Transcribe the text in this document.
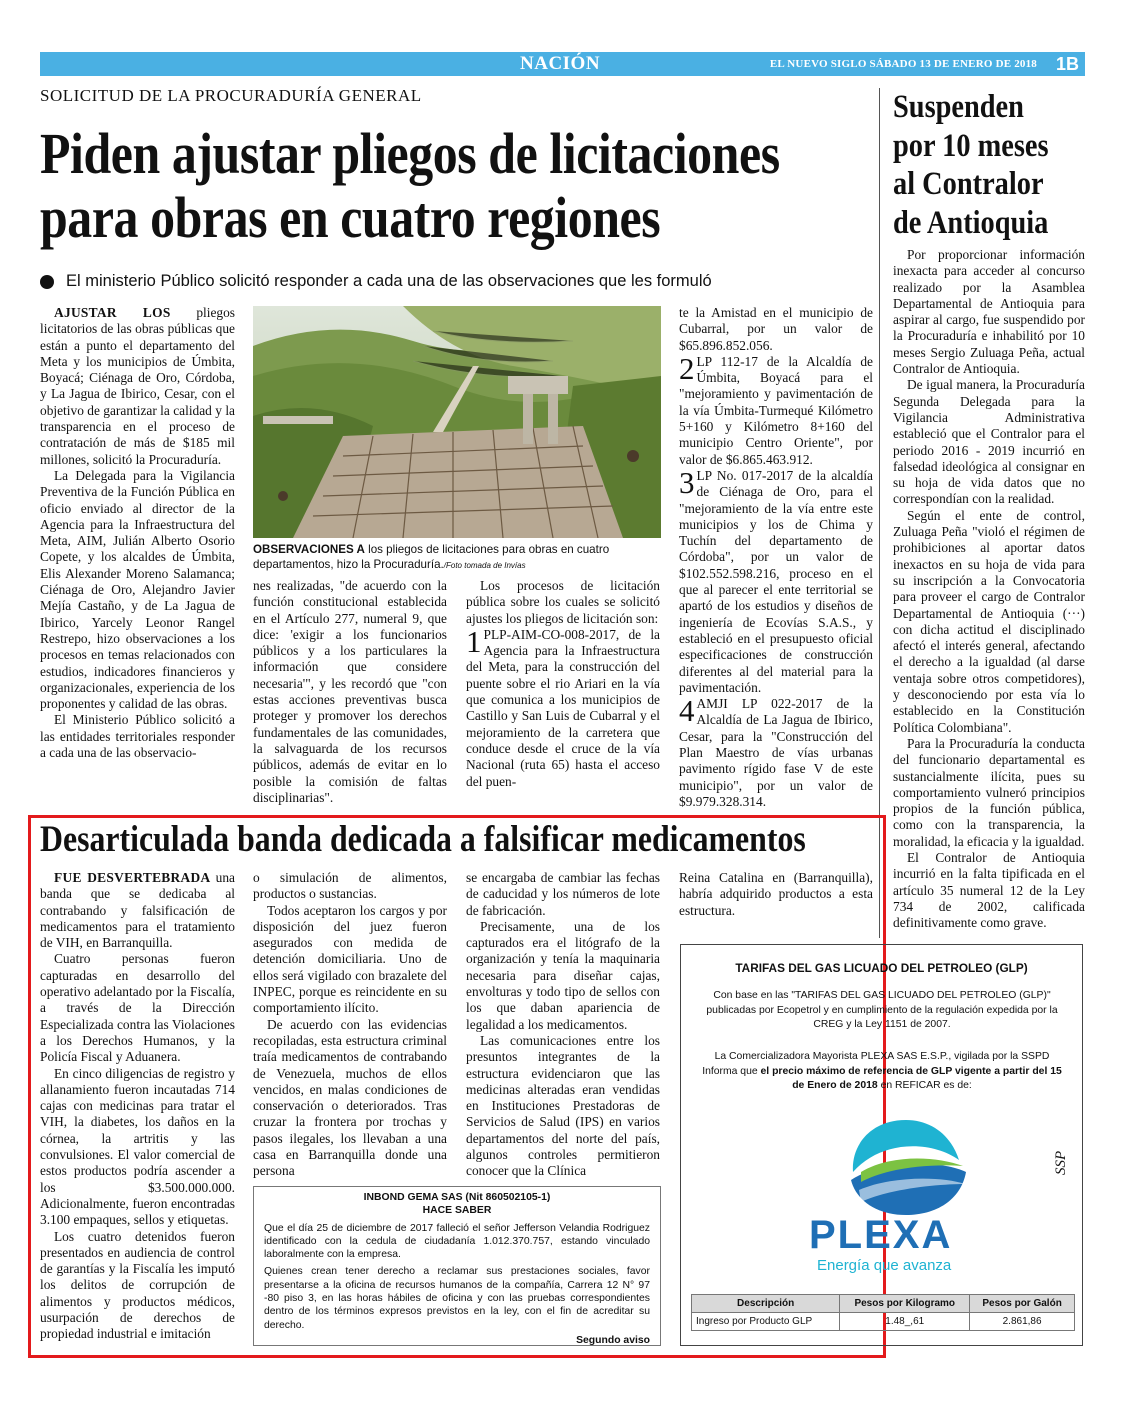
NACIÓN	EL NUEVO SIGLO SÁBADO 13 DE ENERO DE 2018 1B
SOLICITUD DE LA PROCURADURÍA GENERAL
Piden ajustar pliegos de licitaciones
para obras en cuatro regiones
El ministerio Público solicitó responder a cada una de las observaciones que les formuló

AJUSTAR LOS pliegos licitatorios de las obras públicas que están a punto el departamento del Meta y los municipios de Úmbita, Boyacá; Ciénaga de Oro, Córdoba, y La Jagua de Ibirico, Cesar, con el objetivo de garantizar la calidad y la transparencia en el proceso de contratación de más de $185 mil millones, solicitó la Procuraduría.

La Delegada para la Vigilancia Preventiva de la Función Pública en oficio enviado al director de la Agencia para la Infraestructura del Meta, AIM, Julián Alberto Osorio Copete, y los alcaldes de Úmbita, Elis Alexander Moreno Salamanca; Ciénaga de Oro, Alejandro Javier Mejía Castaño, y de La Jagua de Ibirico, Yarcely Leonor Rangel Restrepo, hizo observaciones a los procesos en temas relacionados con estudios, indicadores financieros y organizacionales, experiencia de los proponentes y calidad de las obras.

El Ministerio Público solicitó a las entidades territoriales responder a cada una de las observacio-

OBSERVACIONES A los pliegos de licitaciones para obras en cuatro departamentos, hizo la Procuraduría./Foto tomada de Invías

nes realizadas, "de acuerdo con la función constitucional establecida en el Artículo 277, numeral 9, que dice: 'exigir a los funcionarios públicos y a los particulares la información que considere necesaria'", y les recordó que "con estas acciones preventivas busca proteger y promover los derechos fundamentales de las comunidades, la salvaguarda de los recursos públicos, además de evitar en lo posible la comisión de faltas disciplinarias".

Los procesos de licitación pública sobre los cuales se solicitó ajustes los pliegos de licitación son:

1 PLP-AIM-CO-008-2017, de la Agencia para la Infraestructura del Meta, para la construcción del puente sobre el rio Ariari en la vía que comunica a los municipios de Castillo y San Luis de Cubarral y el mejoramiento de la carretera que conduce desde el cruce de la vía Nacional (ruta 65) hasta el acceso del puen-

te la Amistad en el municipio de Cubarral, por un valor de $65.896.852.056.

2 LP 112-17 de la Alcaldía de Úmbita, Boyacá para el "mejoramiento y pavimentación de la vía Úmbita-Turmequé Kilómetro 5+160 y Kilómetro 8+160 del municipio Centro Oriente", por valor de $6.865.463.912.

3 LP No. 017-2017 de la alcaldía de Ciénaga de Oro, para el "mejoramiento de la vía entre este municipios y los de Chima y Tuchín del departamento de Córdoba", por un valor de $102.552.598.216, proceso en el que al parecer el ente territorial se apartó de los estudios y diseños de ingeniería de Ecovías S.A.S., y estableció en el presupuesto oficial especificaciones de construcción diferentes al del material para la pavimentación.

4 AMJI LP 022-2017 de la Alcaldía de La Jagua de Ibirico, Cesar, para la "Construcción del Plan Maestro de vías urbanas pavimento rígido fase V de este municipio", por un valor de $9.979.328.314.

Suspenden
por 10 meses
al Contralor
de Antioquia

Por proporcionar información inexacta para acceder al concurso realizado por la Asamblea Departamental de Antioquia para aspirar al cargo, fue suspendido por la Procuraduría e inhabilitó por 10 meses Sergio Zuluaga Peña, actual Contralor de Antioquia.

De igual manera, la Procuraduría Segunda Delegada para la Vigilancia Administrativa estableció que el Contralor para el periodo 2016 - 2019 incurrió en falsedad ideológica al consignar en su hoja de vida datos que no correspondían con la realidad.

Según el ente de control, Zuluaga Peña "violó el régimen de prohibiciones al aportar datos inexactos en su hoja de vida para su inscripción a la Convocatoria para proveer el cargo de Contralor Departamental de Antioquia (···) con dicha actitud el disciplinado afectó el interés general, afectando el derecho a la igualdad (al darse ventaja sobre otros competidores), y desconociendo por esta vía lo establecido en la Constitución Política Colombiana".

Para la Procuraduría la conducta del funcionario departamental es sustancialmente ilícita, pues su comportamiento vulneró principios propios de la función pública, como con la transparencia, la moralidad, la eficacia y la igualdad.

El Contralor de Antioquia incurrió en la falta tipificada en el artículo 35 numeral 12 de la Ley 734 de 2002, calificada definitivamente como grave.

Desarticulada banda dedicada a falsificar medicamentos

FUE DESVERTEBRADA una banda que se dedicaba al contrabando y falsificación de medicamentos para el tratamiento de VIH, en Barranquilla.

Cuatro personas fueron capturadas en desarrollo del operativo adelantado por la Fiscalía, a través de la Dirección Especializada contra las Violaciones a los Derechos Humanos, y la Policía Fiscal y Aduanera.

En cinco diligencias de registro y allanamiento fueron incautadas 714 cajas con medicinas para tratar el VIH, la diabetes, los daños en la córnea, la artritis y las convulsiones. El valor comercial de estos productos podría ascender a los $3.500.000.000. Adicionalmente, fueron encontradas 3.100 empaques, sellos y etiquetas.

Los cuatro detenidos fueron presentados en audiencia de control de garantías y la Fiscalía les imputó los delitos de corrupción de alimentos y productos médicos, usurpación de derechos de propiedad industrial e imitación

o simulación de alimentos, productos o sustancias.

Todos aceptaron los cargos y por disposición del juez fueron asegurados con medida de detención domiciliaria. Uno de ellos será vigilado con brazalete del INPEC, porque es reincidente en su comportamiento ilícito.

De acuerdo con las evidencias recopiladas, esta estructura criminal traía medicamentos de contrabando de Venezuela, muchos de ellos vencidos, en malas condiciones de conservación o deteriorados. Tras cruzar la frontera por trochas y pasos ilegales, los llevaban a una casa en Barranquilla donde una persona

se encargaba de cambiar las fechas de caducidad y los números de lote de fabricación.

Precisamente, una de los capturados era el litógrafo de la organización y tenía la maquinaria necesaria para diseñar cajas, envolturas y todo tipo de sellos con los que daban apariencia de legalidad a los medicamentos.

Las comunicaciones entre los presuntos integrantes de la estructura evidenciaron que las medicinas alteradas eran vendidas en Instituciones Prestadoras de Servicios de Salud (IPS) en varios departamentos del norte del país, algunos controles permitieron conocer que la Clínica

Reina Catalina en (Barranquilla), habría adquirido productos a esta estructura.

INBOND GEMA SAS (Nit 860502105-1)
HACE SABER

Que el día 25 de diciembre de 2017 falleció el señor Jefferson Velandia Rodriguez identificado con la cedula de ciudadanía 1.012.370.757, estando vinculado laboralmente con la empresa.

Quienes crean tener derecho a reclamar sus prestaciones sociales, favor presentarse a la oficina de recursos humanos de la compañía, Carrera 12 N° 97 -80 piso 3, en las horas hábiles de oficina y con las pruebas correspondientes dentro de los términos expresos previstos en la ley, con el fin de acreditar su derecho.

Segundo aviso
TARIFAS DEL GAS LICUADO DEL PETROLEO (GLP)
Con base en las "TARIFAS DEL GAS LICUADO DEL PETROLEO (GLP)" publicadas por Ecopetrol y en cumplimiento de la regulación expedida por la CREG y la Ley 1151 de 2007.
La Comercializadora Mayorista PLEXA SAS E.S.P., vigilada por la SSPD Informa que el precio máximo de referencia de GLP vigente a partir del 15 de Enero de 2018 en REFICAR es de:
PLEXA
Energía que avanza
SSP
Descripción	Pesos por Kilogramo	Pesos por Galón
Ingreso por Producto GLP	1.48_,61	2.861,86
